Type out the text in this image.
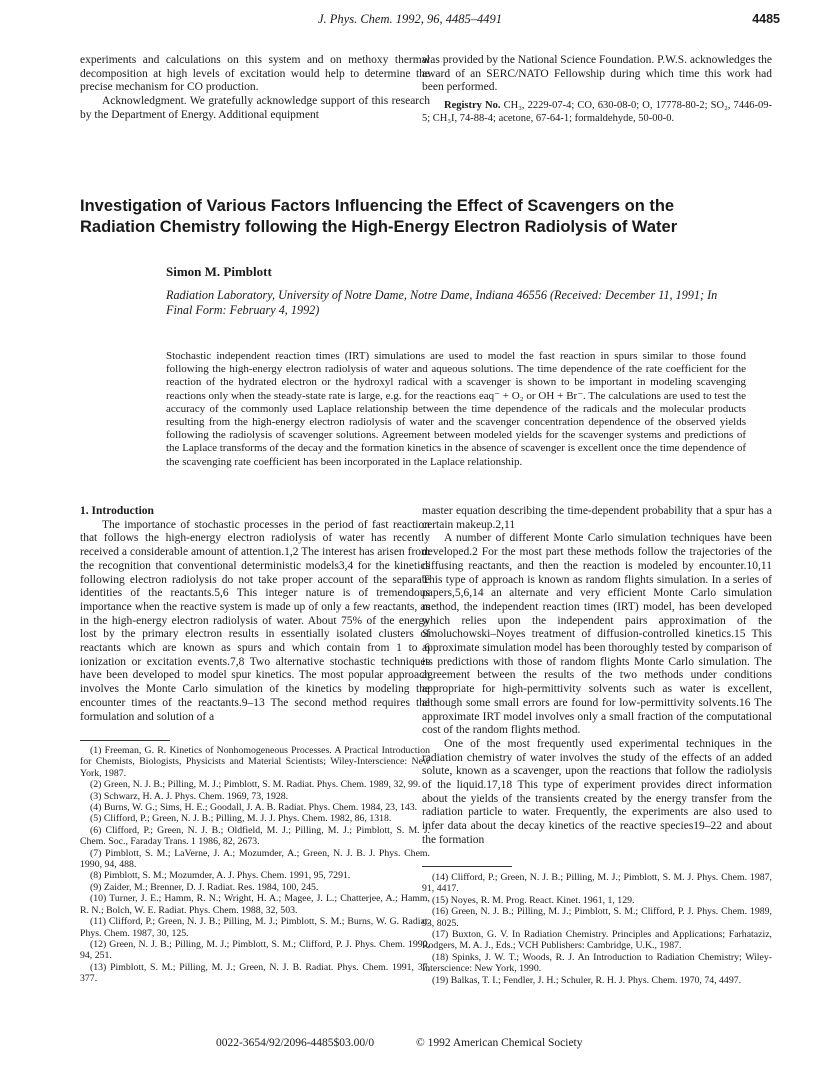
J. Phys. Chem. 1992, 96, 4485–4491	4485

experiments and calculations on this system and on methoxy thermal decomposition at high levels of excitation would help to determine the precise mechanism for CO production.

Acknowledgment. We gratefully acknowledge support of this research by the Department of Energy. Additional equipment

was provided by the National Science Foundation. P.W.S. acknowledges the award of an SERC/NATO Fellowship during which time this work had been performed.

Registry No. CH₃, 2229-07-4; CO, 630-08-0; O, 17778-80-2; SO₂, 7446-09-5; CH₃I, 74-88-4; acetone, 67-64-1; formaldehyde, 50-00-0.

Investigation of Various Factors Influencing the Effect of Scavengers on the Radiation Chemistry following the High-Energy Electron Radiolysis of Water

Simon M. Pimblott

Radiation Laboratory, University of Notre Dame, Notre Dame, Indiana 46556 (Received: December 11, 1991; In Final Form: February 4, 1992)

Stochastic independent reaction times (IRT) simulations are used to model the fast reaction in spurs similar to those found following the high-energy electron radiolysis of water and aqueous solutions. The time dependence of the rate coefficient for the reaction of the hydrated electron or the hydroxyl radical with a scavenger is shown to be important in modeling scavenging reactions only when the steady-state rate is large, e.g. for the reactions eaq⁻ + O₂ or OH + Br⁻. The calculations are used to test the accuracy of the commonly used Laplace relationship between the time dependence of the radicals and the molecular products resulting from the high-energy electron radiolysis of water and the scavenger concentration dependence of the observed yields following the radiolysis of scavenger solutions. Agreement between modeled yields for the scavenger systems and predictions of the Laplace transforms of the decay and the formation kinetics in the absence of scavenger is excellent once the time dependence of the scavenging rate coefficient has been incorporated in the Laplace relationship.

1. Introduction

The importance of stochastic processes in the period of fast reaction that follows the high-energy electron radiolysis of water has recently received a considerable amount of attention.1,2 The interest has arisen from the recognition that conventional deterministic models3,4 for the kinetics following electron radiolysis do not take proper account of the separate identities of the reactants.5,6 This integer nature is of tremendous importance when the reactive system is made up of only a few reactants, as in the high-energy electron radiolysis of water. About 75% of the energy lost by the primary electron results in essentially isolated clusters of reactants which are known as spurs and which contain from 1 to 6 ionization or excitation events.7,8 Two alternative stochastic techniques have been developed to model spur kinetics. The most popular approach involves the Monte Carlo simulation of the kinetics by modeling the encounter times of the reactants.9–13 The second method requires the formulation and solution of a

master equation describing the time-dependent probability that a spur has a certain makeup.2,11

A number of different Monte Carlo simulation techniques have been developed.2 For the most part these methods follow the trajectories of the diffusing reactants, and then the reaction is modeled by encounter.10,11 This type of approach is known as random flights simulation. In a series of papers,5,6,14 an alternate and very efficient Monte Carlo simulation method, the independent reaction times (IRT) model, has been developed which relies upon the independent pairs approximation of the Smoluchowski–Noyes treatment of diffusion-controlled kinetics.15 This approximate simulation model has been thoroughly tested by comparison of its predictions with those of random flights Monte Carlo simulation. The agreement between the results of the two methods under conditions appropriate for high-permittivity solvents such as water is excellent, although some small errors are found for low-permittivity solvents.16 The approximate IRT model involves only a small fraction of the computational cost of the random flights method.

One of the most frequently used experimental techniques in the radiation chemistry of water involves the study of the effects of an added solute, known as a scavenger, upon the reactions that follow the radiolysis of the liquid.17,18 This type of experiment provides direct information about the yields of the transients created by the energy transfer from the radiation particle to water. Frequently, the experiments are also used to infer data about the decay kinetics of the reactive species19–22 and about the formation

(1) Freeman, G. R. Kinetics of Nonhomogeneous Processes. A Practical Introduction for Chemists, Biologists, Physicists and Material Scientists; Wiley-Interscience: New York, 1987.
(2) Green, N. J. B.; Pilling, M. J.; Pimblott, S. M. Radiat. Phys. Chem. 1989, 32, 99.
(3) Schwarz, H. A. J. Phys. Chem. 1969, 73, 1928.
(4) Burns, W. G.; Sims, H. E.; Goodall, J. A. B. Radiat. Phys. Chem. 1984, 23, 143.
(5) Clifford, P.; Green, N. J. B.; Pilling, M. J. J. Phys. Chem. 1982, 86, 1318.
(6) Clifford, P.; Green, N. J. B.; Oldfield, M. J.; Pilling, M. J.; Pimblott, S. M. J. Chem. Soc., Faraday Trans. 1 1986, 82, 2673.
(7) Pimblott, S. M.; LaVerne, J. A.; Mozumder, A.; Green, N. J. B. J. Phys. Chem. 1990, 94, 488.
(8) Pimblott, S. M.; Mozumder, A. J. Phys. Chem. 1991, 95, 7291.
(9) Zaider, M.; Brenner, D. J. Radiat. Res. 1984, 100, 245.
(10) Turner, J. E.; Hamm, R. N.; Wright, H. A.; Magee, J. L.; Chatterjee, A.; Hamm, R. N.; Bolch, W. E. Radiat. Phys. Chem. 1988, 32, 503.
(11) Clifford, P.; Green, N. J. B.; Pilling, M. J.; Pimblott, S. M.; Burns, W. G. Radiat. Phys. Chem. 1987, 30, 125.
(12) Green, N. J. B.; Pilling, M. J.; Pimblott, S. M.; Clifford, P. J. Phys. Chem. 1990, 94, 251.
(13) Pimblott, S. M.; Pilling, M. J.; Green, N. J. B. Radiat. Phys. Chem. 1991, 37, 377.
(14) Clifford, P.; Green, N. J. B.; Pilling, M. J.; Pimblott, S. M. J. Phys. Chem. 1987, 91, 4417.
(15) Noyes, R. M. Prog. React. Kinet. 1961, 1, 129.
(16) Green, N. J. B.; Pilling, M. J.; Pimblott, S. M.; Clifford, P. J. Phys. Chem. 1989, 93, 8025.
(17) Buxton, G. V. In Radiation Chemistry. Principles and Applications; Farhataziz, Rodgers, M. A. J., Eds.; VCH Publishers: Cambridge, U.K., 1987.
(18) Spinks, J. W. T.; Woods, R. J. An Introduction to Radiation Chemistry; Wiley-Interscience: New York, 1990.
(19) Balkas, T. I.; Fendler, J. H.; Schuler, R. H. J. Phys. Chem. 1970, 74, 4497.
0022-3654/92/2096-4485$03.00/0	© 1992 American Chemical Society
